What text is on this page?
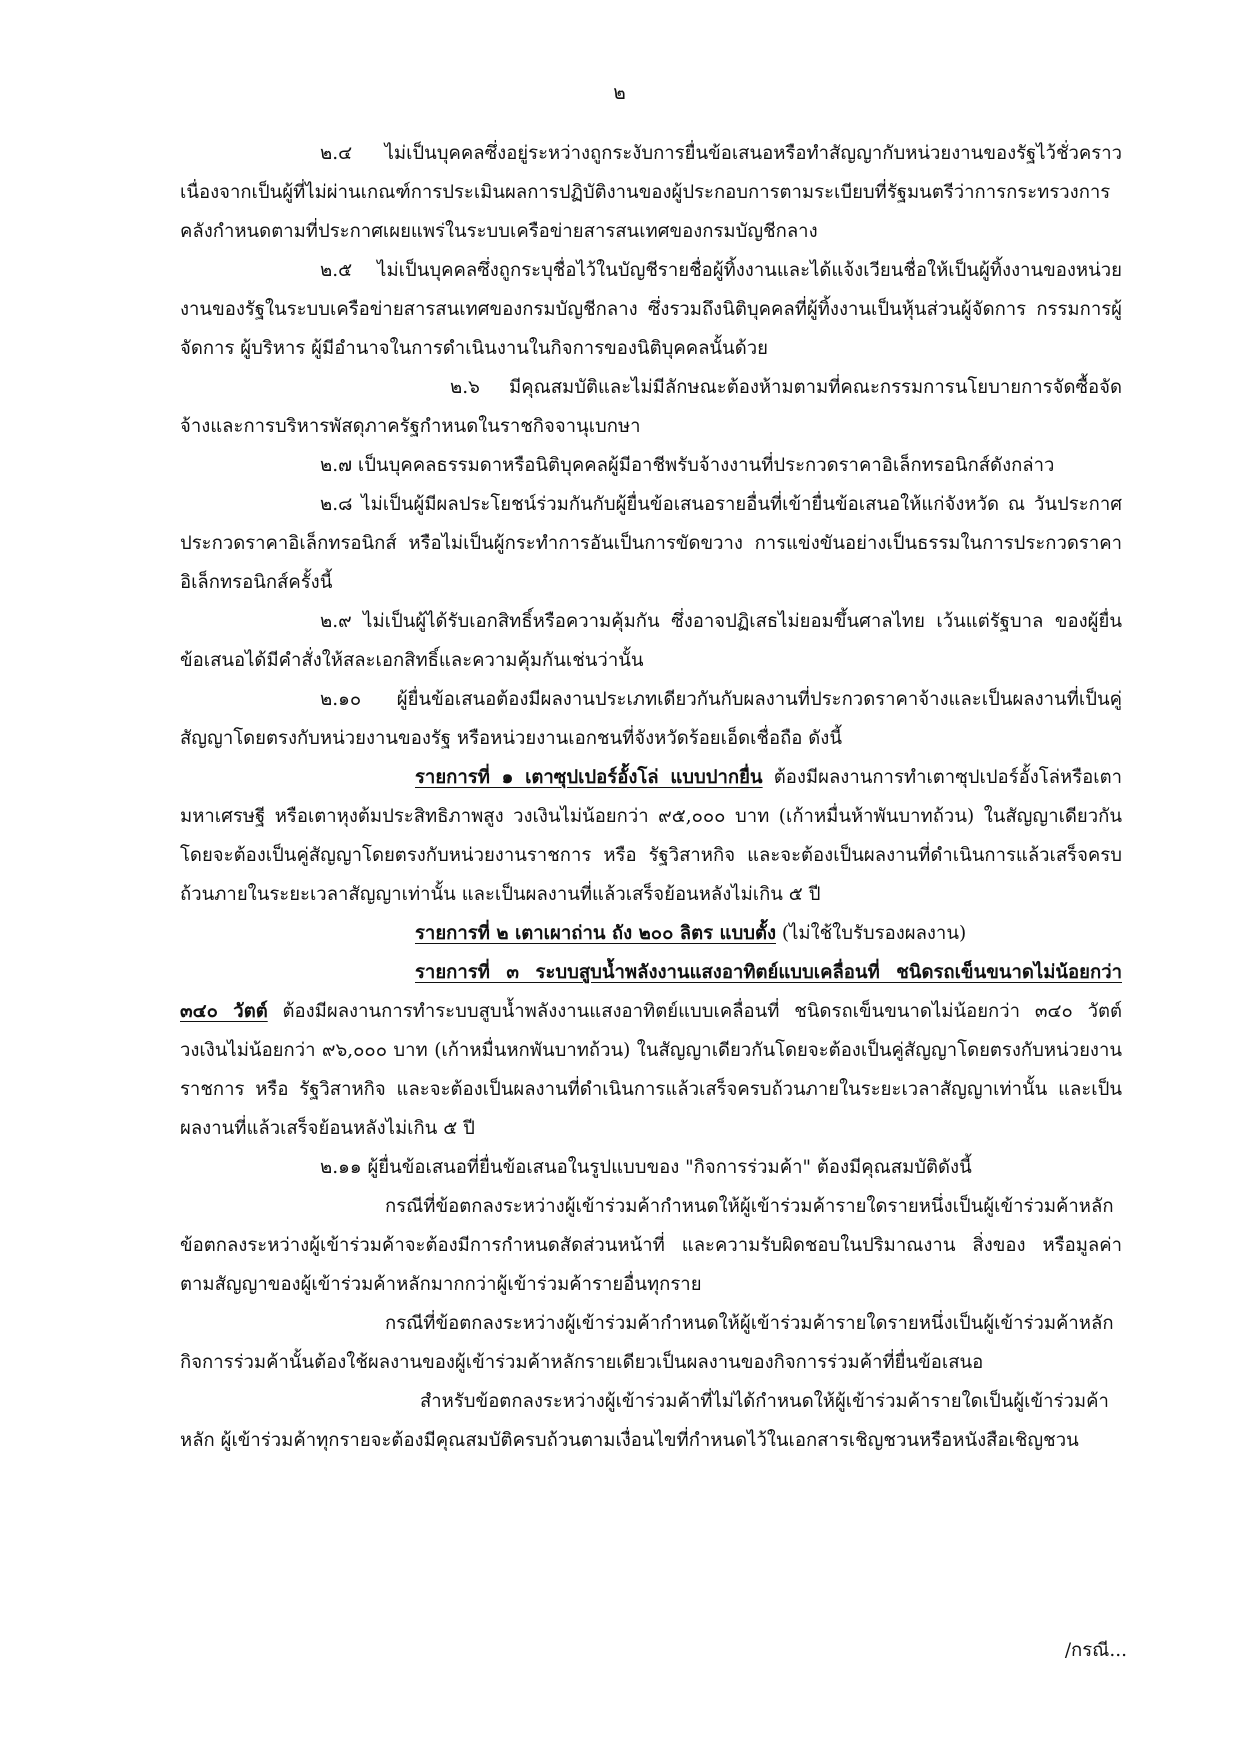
๒

๒.๔ ไม่เป็นบุคคลซึ่งอยู่ระหว่างถูกระงับการยื่นข้อเสนอหรือทำสัญญากับหน่วยงานของรัฐไว้ชั่วคราว เนื่องจากเป็นผู้ที่ไม่ผ่านเกณฑ์การประเมินผลการปฏิบัติงานของผู้ประกอบการตามระเบียบที่รัฐมนตรีว่าการกระทรวงการคลังกำหนดตามที่ประกาศเผยแพร่ในระบบเครือข่ายสารสนเทศของกรมบัญชีกลาง

๒.๕ ไม่เป็นบุคคลซึ่งถูกระบุชื่อไว้ในบัญชีรายชื่อผู้ทิ้งงานและได้แจ้งเวียนชื่อให้เป็นผู้ทิ้งงานของหน่วยงานของรัฐในระบบเครือข่ายสารสนเทศของกรมบัญชีกลาง ซึ่งรวมถึงนิติบุคคลที่ผู้ทิ้งงานเป็นหุ้นส่วนผู้จัดการ กรรมการผู้จัดการ ผู้บริหาร ผู้มีอำนาจในการดำเนินงานในกิจการของนิติบุคคลนั้นด้วย

๒.๖ มีคุณสมบัติและไม่มีลักษณะต้องห้ามตามที่คณะกรรมการนโยบายการจัดซื้อจัดจ้างและการบริหารพัสดุภาครัฐกำหนดในราชกิจจานุเบกษา

๒.๗ เป็นบุคคลธรรมดาหรือนิติบุคคลผู้มีอาชีพรับจ้างงานที่ประกวดราคาอิเล็กทรอนิกส์ดังกล่าว

๒.๘ ไม่เป็นผู้มีผลประโยชน์ร่วมกันกับผู้ยื่นข้อเสนอรายอื่นที่เข้ายื่นข้อเสนอให้แก่จังหวัด ณ วันประกาศประกวดราคาอิเล็กทรอนิกส์ หรือไม่เป็นผู้กระทำการอันเป็นการขัดขวาง การแข่งขันอย่างเป็นธรรมในการประกวดราคาอิเล็กทรอนิกส์ครั้งนี้

๒.๙ ไม่เป็นผู้ได้รับเอกสิทธิ์หรือความคุ้มกัน ซึ่งอาจปฏิเสธไม่ยอมขึ้นศาลไทย เว้นแต่รัฐบาล ของผู้ยื่นข้อเสนอได้มีคำสั่งให้สละเอกสิทธิ์และความคุ้มกันเช่นว่านั้น

๒.๑๐ ผู้ยื่นข้อเสนอต้องมีผลงานประเภทเดียวกันกับผลงานที่ประกวดราคาจ้างและเป็นผลงานที่เป็นคู่สัญญาโดยตรงกับหน่วยงานของรัฐ หรือหน่วยงานเอกชนที่จังหวัดร้อยเอ็ดเชื่อถือ ดังนี้

รายการที่ ๑ เตาซุปเปอร์อั้งโล่ แบบปากยื่น ต้องมีผลงานการทำเตาซุปเปอร์อั้งโล่หรือเตามหาเศรษฐี หรือเตาหุงต้มประสิทธิภาพสูง วงเงินไม่น้อยกว่า ๙๕,๐๐๐ บาท (เก้าหมื่นห้าพันบาทถ้วน) ในสัญญาเดียวกัน โดยจะต้องเป็นคู่สัญญาโดยตรงกับหน่วยงานราชการ หรือ รัฐวิสาหกิจ และจะต้องเป็นผลงานที่ดำเนินการแล้วเสร็จครบถ้วนภายในระยะเวลาสัญญาเท่านั้น และเป็นผลงานที่แล้วเสร็จย้อนหลังไม่เกิน ๕ ปี

รายการที่ ๒ เตาเผาถ่าน ถัง ๒๐๐ ลิตร แบบตั้ง (ไม่ใช้ใบรับรองผลงาน)

รายการที่ ๓ ระบบสูบน้ำพลังงานแสงอาทิตย์แบบเคลื่อนที่ ชนิดรถเข็นขนาดไม่น้อยกว่า ๓๔๐ วัตต์ ต้องมีผลงานการทำระบบสูบน้ำพลังงานแสงอาทิตย์แบบเคลื่อนที่ ชนิดรถเข็นขนาดไม่น้อยกว่า ๓๔๐ วัตต์ วงเงินไม่น้อยกว่า ๙๖,๐๐๐ บาท (เก้าหมื่นหกพันบาทถ้วน) ในสัญญาเดียวกันโดยจะต้องเป็นคู่สัญญาโดยตรงกับหน่วยงานราชการ หรือ รัฐวิสาหกิจ และจะต้องเป็นผลงานที่ดำเนินการแล้วเสร็จครบถ้วนภายในระยะเวลาสัญญาเท่านั้น และเป็นผลงานที่แล้วเสร็จย้อนหลังไม่เกิน ๕ ปี

๒.๑๑ ผู้ยื่นข้อเสนอที่ยื่นข้อเสนอในรูปแบบของ "กิจการร่วมค้า" ต้องมีคุณสมบัติดังนี้

กรณีที่ข้อตกลงระหว่างผู้เข้าร่วมค้ากำหนดให้ผู้เข้าร่วมค้ารายใดรายหนึ่งเป็นผู้เข้าร่วมค้าหลัก ข้อตกลงระหว่างผู้เข้าร่วมค้าจะต้องมีการกำหนดสัดส่วนหน้าที่ และความรับผิดชอบในปริมาณงาน สิ่งของ หรือมูลค่าตามสัญญาของผู้เข้าร่วมค้าหลักมากกว่าผู้เข้าร่วมค้ารายอื่นทุกราย

กรณีที่ข้อตกลงระหว่างผู้เข้าร่วมค้ากำหนดให้ผู้เข้าร่วมค้ารายใดรายหนึ่งเป็นผู้เข้าร่วมค้าหลัก กิจการร่วมค้านั้นต้องใช้ผลงานของผู้เข้าร่วมค้าหลักรายเดียวเป็นผลงานของกิจการร่วมค้าที่ยื่นข้อเสนอ

สำหรับข้อตกลงระหว่างผู้เข้าร่วมค้าที่ไม่ได้กำหนดให้ผู้เข้าร่วมค้ารายใดเป็นผู้เข้าร่วมค้าหลัก ผู้เข้าร่วมค้าทุกรายจะต้องมีคุณสมบัติครบถ้วนตามเงื่อนไขที่กำหนดไว้ในเอกสารเชิญชวนหรือหนังสือเชิญชวน

/กรณี...
